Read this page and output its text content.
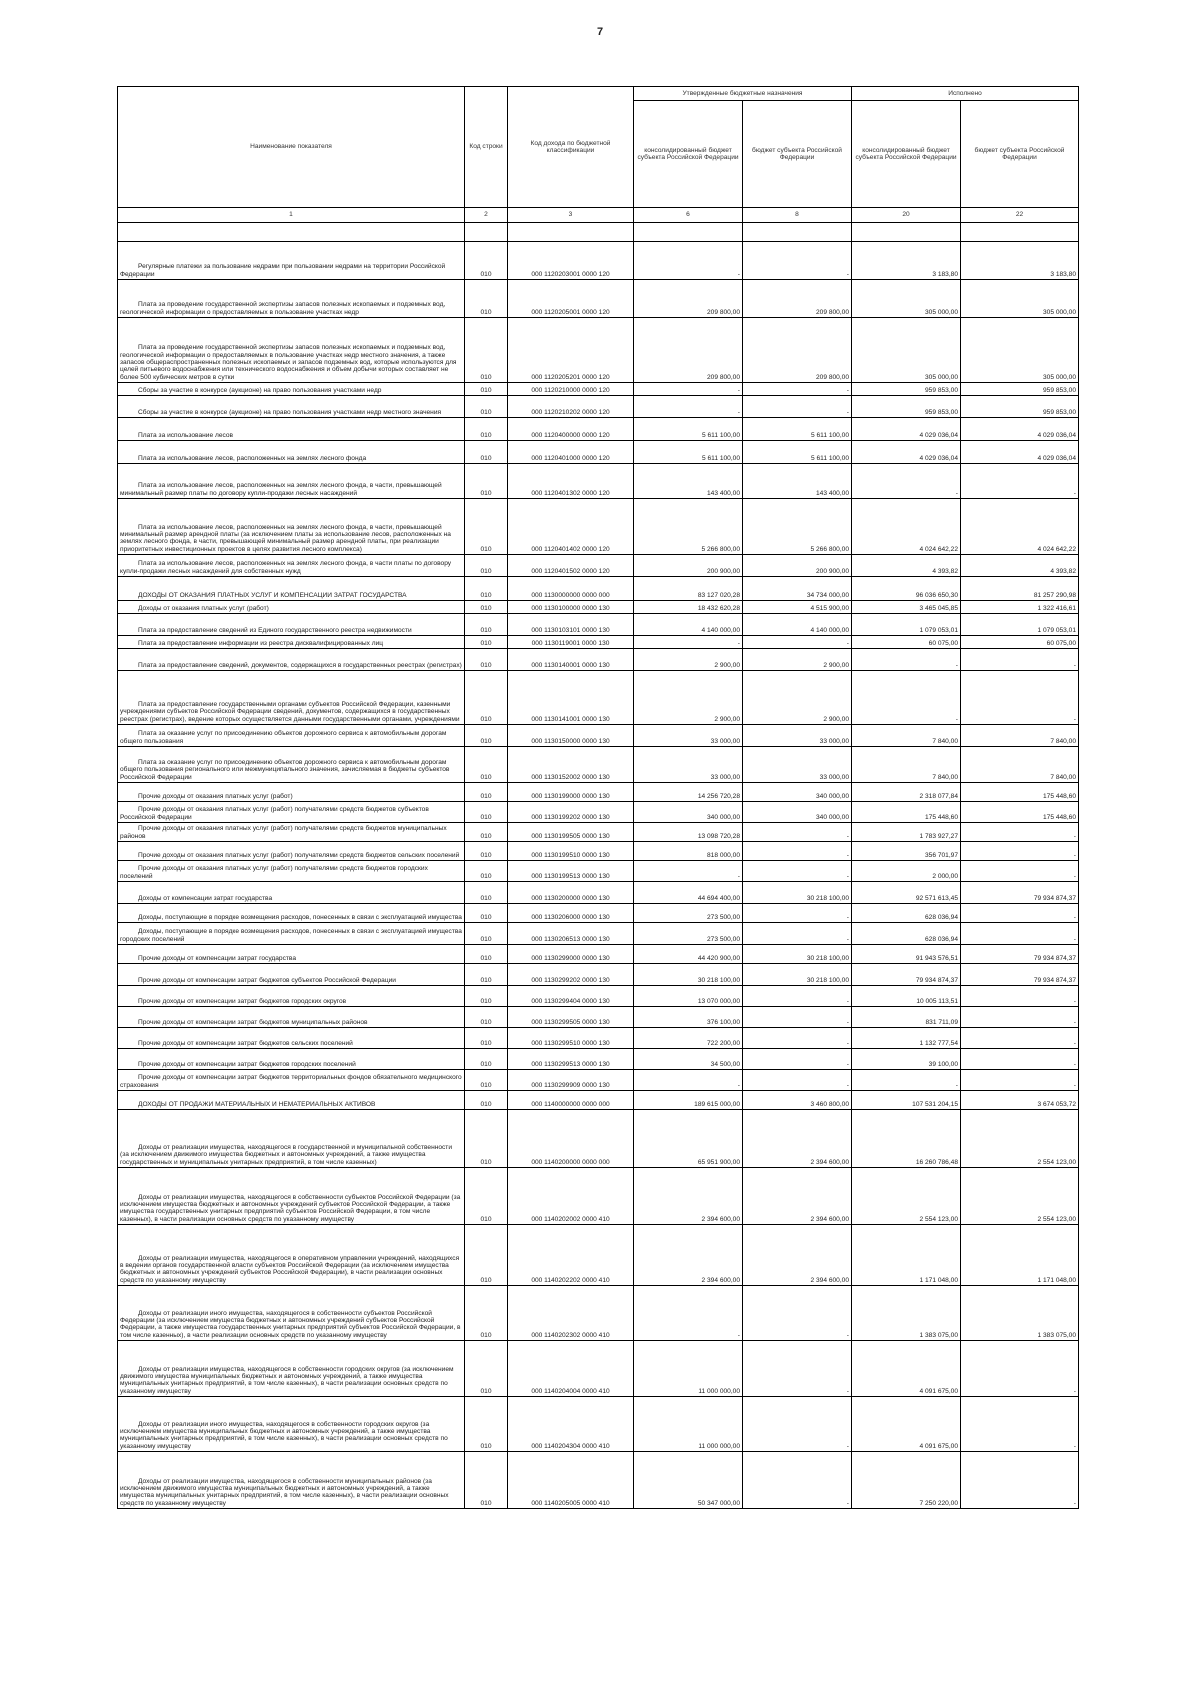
7
Наименование показателя	Код строки	Код дохода по бюджетной классификации	Утвержденные бюджетные назначения		Исполнено	
			консолидированный бюджет субъекта Российской Федерации	бюджет субъекта Российской Федерации	консолидированный бюджет субъекта Российской Федерации	бюджет субъекта Российской Федерации
1	2	3	6	8	20	22

Регулярные платежи за пользование недрами при пользовании недрами на территории Российской Федерации	010	000 1120203001 0000 120	-	-	3 183,80	3 183,80

Плата за проведение государственной экспертизы запасов полезных ископаемых и подземных вод, геологической информации о предоставляемых в пользование участках недр	010	000 1120205001 0000 120	209 800,00	209 800,00	305 000,00	305 000,00

Плата за проведение государственной экспертизы запасов полезных ископаемых и подземных вод, геологической информации о предоставляемых в пользование участках недр местного значения, а также запасов общераспространенных полезных ископаемых и запасов подземных вод, которые используются для целей питьевого водоснабжения или технического водоснабжения и объем добычи которых составляет не более 500 кубических метров в сутки	010	000 1120205201 0000 120	209 800,00	209 800,00	305 000,00	305 000,00

Сборы за участие в конкурсе (аукционе) на право пользования участками недр	010	000 1120210000 0000 120	-	-	959 853,00	959 853,00

Сборы за участие в конкурсе (аукционе) на право пользования участками недр местного значения	010	000 1120210202 0000 120	-	-	959 853,00	959 853,00

Плата за использование лесов	010	000 1120400000 0000 120	5 611 100,00	5 611 100,00	4 029 036,04	4 029 036,04

Плата за использование лесов, расположенных на землях лесного фонда	010	000 1120401000 0000 120	5 611 100,00	5 611 100,00	4 029 036,04	4 029 036,04

Плата за использование лесов, расположенных на землях лесного фонда, в части, превышающей минимальный размер платы по договору купли-продажи лесных насаждений	010	000 1120401302 0000 120	143 400,00	143 400,00	-	-

Плата за использование лесов, расположенных на землях лесного фонда, в части, превышающей минимальный размер арендной платы (за исключением платы за использование лесов, расположенных на землях лесного фонда, в части, превышающей минимальный размер арендной платы, при реализации приоритетных инвестиционных проектов в целях развития лесного комплекса)	010	000 1120401402 0000 120	5 266 800,00	5 266 800,00	4 024 642,22	4 024 642,22

Плата за использование лесов, расположенных на землях лесного фонда, в части платы по договору купли-продажи лесных насаждений для собственных нужд	010	000 1120401502 0000 120	200 900,00	200 900,00	4 393,82	4 393,82

ДОХОДЫ ОТ ОКАЗАНИЯ ПЛАТНЫХ УСЛУГ И КОМПЕНСАЦИИ ЗАТРАТ ГОСУДАРСТВА	010	000 1130000000 0000 000	83 127 020,28	34 734 000,00	96 036 650,30	81 257 290,98

Доходы от оказания платных услуг (работ)	010	000 1130100000 0000 130	18 432 620,28	4 515 900,00	3 465 045,85	1 322 416,61

Плата за предоставление сведений из Единого государственного реестра недвижимости	010	000 1130103101 0000 130	4 140 000,00	4 140 000,00	1 079 053,01	1 079 053,01

Плата за предоставление информации из реестра дисквалифицированных лиц	010	000 1130119001 0000 130	-	-	60 075,00	60 075,00

Плата за предоставление сведений, документов, содержащихся в государственных реестрах (регистрах)	010	000 1130140001 0000 130	2 900,00	2 900,00	-	-

Плата за предоставление государственными органами субъектов Российской Федерации, казенными учреждениями субъектов Российской Федерации сведений, документов, содержащихся в государственных реестрах (регистрах), ведение которых осуществляется данными государственными органами, учреждениями	010	000 1130141001 0000 130	2 900,00	2 900,00	-	-

Плата за оказание услуг по присоединению объектов дорожного сервиса к автомобильным дорогам общего пользования	010	000 1130150000 0000 130	33 000,00	33 000,00	7 840,00	7 840,00

Плата за оказание услуг по присоединению объектов дорожного сервиса к автомобильным дорогам общего пользования регионального или межмуниципального значения, зачисляемая в бюджеты субъектов Российской Федерации	010	000 1130152002 0000 130	33 000,00	33 000,00	7 840,00	7 840,00

Прочие доходы от оказания платных услуг (работ)	010	000 1130199000 0000 130	14 256 720,28	340 000,00	2 318 077,84	175 448,60

Прочие доходы от оказания платных услуг (работ) получателями средств бюджетов субъектов Российской Федерации	010	000 1130199202 0000 130	340 000,00	340 000,00	175 448,60	175 448,60

Прочие доходы от оказания платных услуг (работ) получателями средств бюджетов муниципальных районов	010	000 1130199505 0000 130	13 098 720,28	-	1 783 927,27	-

Прочие доходы от оказания платных услуг (работ) получателями средств бюджетов сельских поселений	010	000 1130199510 0000 130	818 000,00	-	356 701,97	-

Прочие доходы от оказания платных услуг (работ) получателями средств бюджетов городских поселений	010	000 1130199513 0000 130	-	-	2 000,00	-

Доходы от компенсации затрат государства	010	000 1130200000 0000 130	44 694 400,00	30 218 100,00	92 571 613,45	79 934 874,37

Доходы, поступающие в порядке возмещения расходов, понесенных в связи с эксплуатацией имущества	010	000 1130206000 0000 130	273 500,00	-	628 036,94	-

Доходы, поступающие в порядке возмещения расходов, понесенных в связи с эксплуатацией имущества городских поселений	010	000 1130206513 0000 130	273 500,00	-	628 036,94	-

Прочие доходы от компенсации затрат государства	010	000 1130299000 0000 130	44 420 900,00	30 218 100,00	91 943 576,51	79 934 874,37

Прочие доходы от компенсации затрат бюджетов субъектов Российской Федерации	010	000 1130299202 0000 130	30 218 100,00	30 218 100,00	79 934 874,37	79 934 874,37

Прочие доходы от компенсации затрат бюджетов городских округов	010	000 1130299404 0000 130	13 070 000,00	-	10 005 113,51	-

Прочие доходы от компенсации затрат бюджетов муниципальных районов	010	000 1130299505 0000 130	376 100,00	-	831 711,09	-

Прочие доходы от компенсации затрат бюджетов сельских поселений	010	000 1130299510 0000 130	722 200,00	-	1 132 777,54	-

Прочие доходы от компенсации затрат бюджетов городских поселений	010	000 1130299513 0000 130	34 500,00	-	39 100,00	-

Прочие доходы от компенсации затрат бюджетов территориальных фондов обязательного медицинского страхования	010	000 1130299909 0000 130	-	-	-	-

ДОХОДЫ ОТ ПРОДАЖИ МАТЕРИАЛЬНЫХ И НЕМАТЕРИАЛЬНЫХ АКТИВОВ	010	000 1140000000 0000 000	189 615 000,00	3 460 800,00	107 531 204,15	3 674 053,72

Доходы от реализации имущества, находящегося в государственной и муниципальной собственности (за исключением движимого имущества бюджетных и автономных учреждений, а также имущества государственных и муниципальных унитарных предприятий, в том числе казенных)	010	000 1140200000 0000 000	65 951 900,00	2 394 600,00	16 260 786,48	2 554 123,00

Доходы от реализации имущества, находящегося в собственности субъектов Российской Федерации (за исключением имущества бюджетных и автономных учреждений субъектов Российской Федерации, а также имущества государственных унитарных предприятий субъектов Российской Федерации, в том числе казенных), в части реализации основных средств по указанному имуществу	010	000 1140202002 0000 410	2 394 600,00	2 394 600,00	2 554 123,00	2 554 123,00

Доходы от реализации имущества, находящегося в оперативном управлении учреждений, находящихся в ведении органов государственной власти субъектов Российской Федерации (за исключением имущества бюджетных и автономных учреждений субъектов Российской Федерации), в части реализации основных средств по указанному имуществу	010	000 1140202202 0000 410	2 394 600,00	2 394 600,00	1 171 048,00	1 171 048,00

Доходы от реализации иного имущества, находящегося в собственности субъектов Российской Федерации (за исключением имущества бюджетных и автономных учреждений субъектов Российской Федерации, а также имущества государственных унитарных предприятий субъектов Российской Федерации, в том числе казенных), в части реализации основных средств по указанному имуществу	010	000 1140202302 0000 410	-	-	1 383 075,00	1 383 075,00

Доходы от реализации имущества, находящегося в собственности городских округов (за исключением движимого имущества муниципальных бюджетных и автономных учреждений, а также имущества муниципальных унитарных предприятий, в том числе казенных), в части реализации основных средств по указанному имуществу	010	000 1140204004 0000 410	11 000 000,00	-	4 091 675,00	-

Доходы от реализации иного имущества, находящегося в собственности городских округов (за исключением имущества муниципальных бюджетных и автономных учреждений, а также имущества муниципальных унитарных предприятий, в том числе казенных), в части реализации основных средств по указанному имуществу	010	000 1140204304 0000 410	11 000 000,00	-	4 091 675,00	-

Доходы от реализации имущества, находящегося в собственности муниципальных районов (за исключением движимого имущества муниципальных бюджетных и автономных учреждений, а также имущества муниципальных унитарных предприятий, в том числе казенных), в части реализации основных средств по указанному имуществу	010	000 1140205005 0000 410	50 347 000,00	-	7 250 220,00	-
